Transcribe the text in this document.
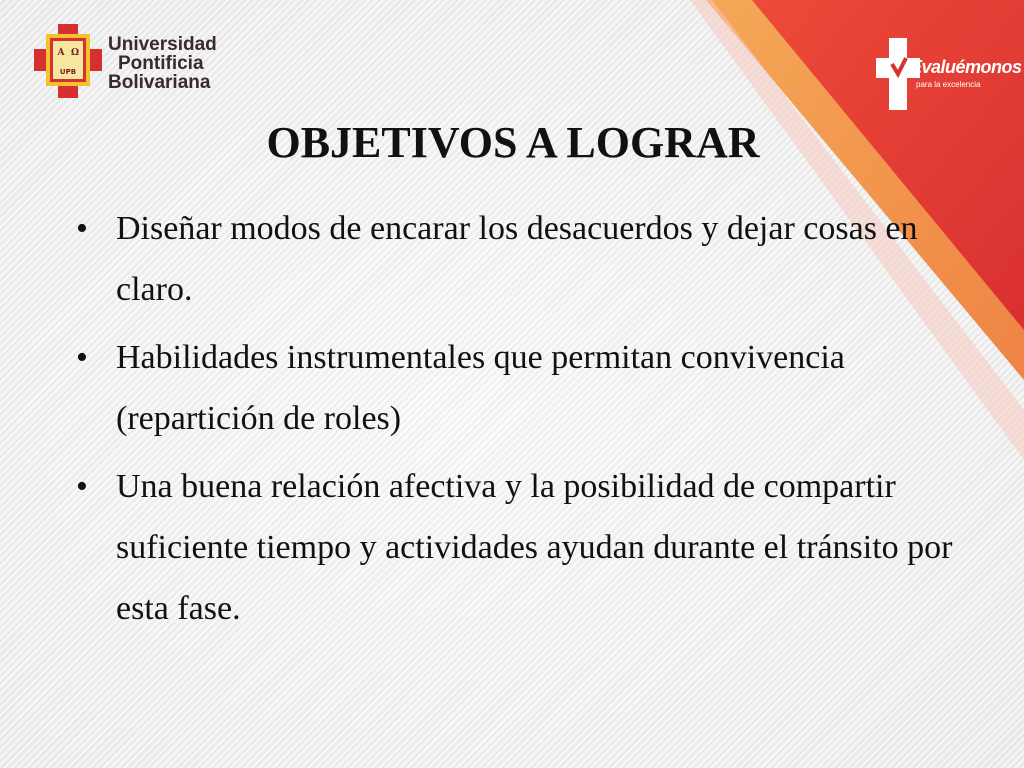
A Ω
UPB
Universidad
Pontificia
Bolivariana
Evaluémonos
para la excelencia
OBJETIVOS A LOGRAR
• Diseñar modos de encarar los desacuerdos y dejar cosas en claro.
• Habilidades instrumentales que permitan convivencia (repartición de roles)
• Una buena relación afectiva y la posibilidad de compartir suficiente tiempo y actividades ayudan durante el tránsito por esta fase.
